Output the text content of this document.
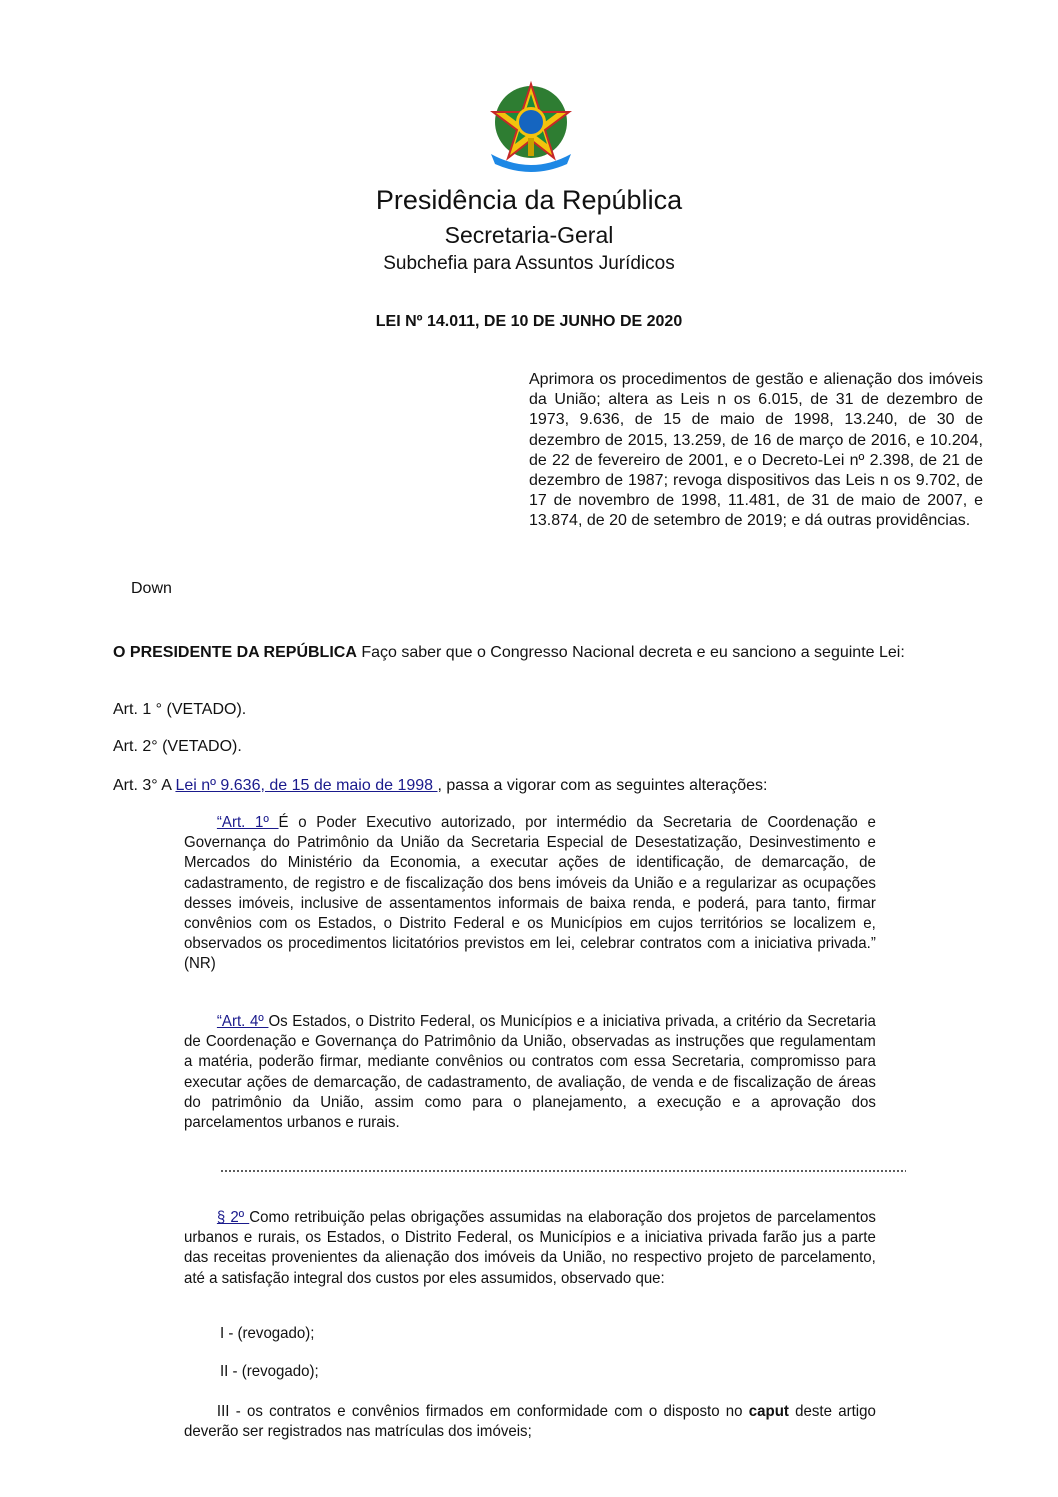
Presidência da República
Secretaria-Geral
Subchefia para Assuntos Jurídicos
LEI Nº 14.011, DE 10 DE JUNHO DE 2020
Aprimora os procedimentos de gestão e alienação dos imóveis da União; altera as Leis n os 6.015, de 31 de dezembro de 1973, 9.636, de 15 de maio de 1998, 13.240, de 30 de dezembro de 2015, 13.259, de 16 de março de 2016, e 10.204, de 22 de fevereiro de 2001, e o Decreto-Lei nº 2.398, de 21 de dezembro de 1987; revoga dispositivos das Leis n os 9.702, de 17 de novembro de 1998, 11.481, de 31 de maio de 2007, e 13.874, de 20 de setembro de 2019; e dá outras providências.
Down
O PRESIDENTE DA REPÚBLICA Faço saber que o Congresso Nacional decreta e eu sanciono a seguinte Lei:
Art. 1 ° (VETADO).
Art. 2° (VETADO).
Art. 3° A Lei nº 9.636, de 15 de maio de 1998 , passa a vigorar com as seguintes alterações:
“Art. 1º É o Poder Executivo autorizado, por intermédio da Secretaria de Coordenação e Governança do Patrimônio da União da Secretaria Especial de Desestatização, Desinvestimento e Mercados do Ministério da Economia, a executar ações de identificação, de demarcação, de cadastramento, de registro e de fiscalização dos bens imóveis da União e a regularizar as ocupações desses imóveis, inclusive de assentamentos informais de baixa renda, e poderá, para tanto, firmar convênios com os Estados, o Distrito Federal e os Municípios em cujos territórios se localizem e, observados os procedimentos licitatórios previstos em lei, celebrar contratos com a iniciativa privada.” (NR)
“Art. 4º Os Estados, o Distrito Federal, os Municípios e a iniciativa privada, a critério da Secretaria de Coordenação e Governança do Patrimônio da União, observadas as instruções que regulamentam a matéria, poderão firmar, mediante convênios ou contratos com essa Secretaria, compromisso para executar ações de demarcação, de cadastramento, de avaliação, de venda e de fiscalização de áreas do patrimônio da União, assim como para o planejamento, a execução e a aprovação dos parcelamentos urbanos e rurais.
§ 2º Como retribuição pelas obrigações assumidas na elaboração dos projetos de parcelamentos urbanos e rurais, os Estados, o Distrito Federal, os Municípios e a iniciativa privada farão jus a parte das receitas provenientes da alienação dos imóveis da União, no respectivo projeto de parcelamento, até a satisfação integral dos custos por eles assumidos, observado que:
I - (revogado);
II - (revogado);
III - os contratos e convênios firmados em conformidade com o disposto no caput deste artigo deverão ser registrados nas matrículas dos imóveis;
